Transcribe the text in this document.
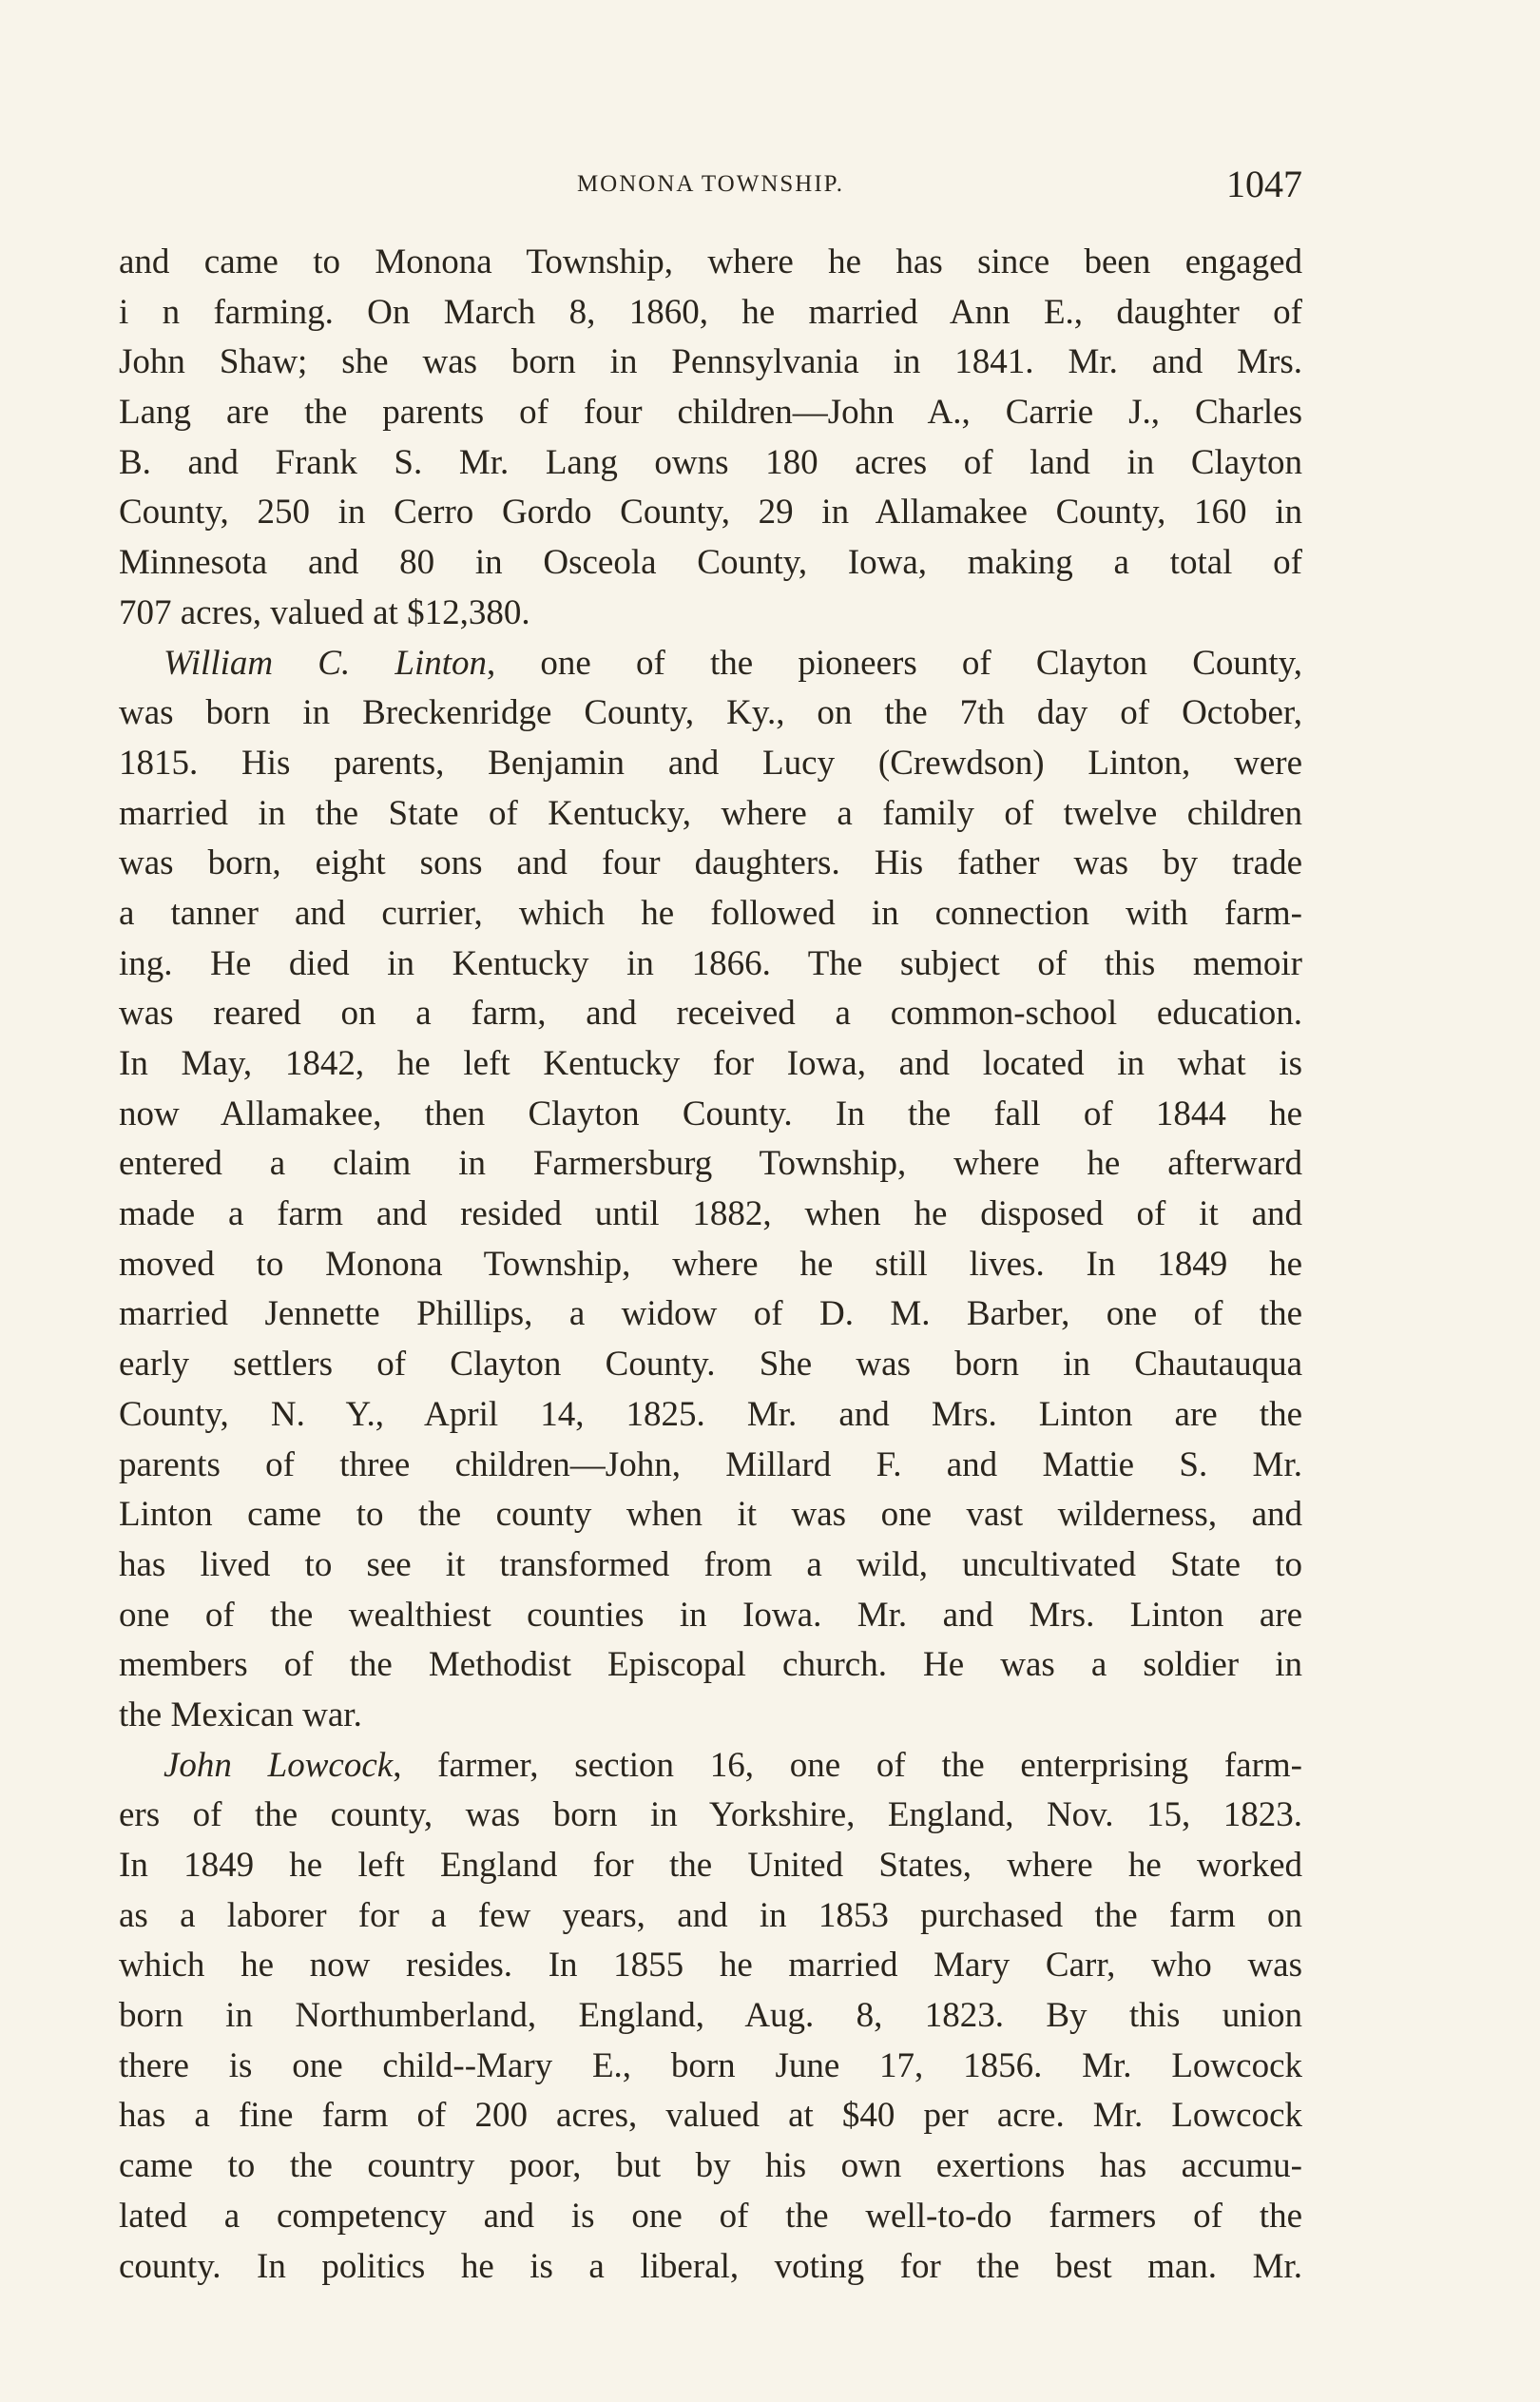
MONONA TOWNSHIP.	1047
and came to Monona Township, where he has since been engaged
i n farming. On March 8, 1860, he married Ann E., daughter of
John Shaw; she was born in Pennsylvania in 1841. Mr. and Mrs.
Lang are the parents of four children—John A., Carrie J., Charles
B. and Frank S. Mr. Lang owns 180 acres of land in Clayton
County, 250 in Cerro Gordo County, 29 in Allamakee County, 160 in
Minnesota and 80 in Osceola County, Iowa, making a total of
707 acres, valued at $12,380.
William C. Linton, one of the pioneers of Clayton County,
was born in Breckenridge County, Ky., on the 7th day of October,
1815. His parents, Benjamin and Lucy (Crewdson) Linton, were
married in the State of Kentucky, where a family of twelve children
was born, eight sons and four daughters. His father was by trade
a tanner and currier, which he followed in connection with farm-
ing. He died in Kentucky in 1866. The subject of this memoir
was reared on a farm, and received a common-school education.
In May, 1842, he left Kentucky for Iowa, and located in what is
now Allamakee, then Clayton County. In the fall of 1844 he
entered a claim in Farmersburg Township, where he afterward
made a farm and resided until 1882, when he disposed of it and
moved to Monona Township, where he still lives. In 1849 he
married Jennette Phillips, a widow of D. M. Barber, one of the
early settlers of Clayton County. She was born in Chautauqua
County, N. Y., April 14, 1825. Mr. and Mrs. Linton are the
parents of three children—John, Millard F. and Mattie S. Mr.
Linton came to the county when it was one vast wilderness, and
has lived to see it transformed from a wild, uncultivated State to
one of the wealthiest counties in Iowa. Mr. and Mrs. Linton are
members of the Methodist Episcopal church. He was a soldier in
the Mexican war.
John Lowcock, farmer, section 16, one of the enterprising farm-
ers of the county, was born in Yorkshire, England, Nov. 15, 1823.
In 1849 he left England for the United States, where he worked
as a laborer for a few years, and in 1853 purchased the farm on
which he now resides. In 1855 he married Mary Carr, who was
born in Northumberland, England, Aug. 8, 1823. By this union
there is one child--Mary E., born June 17, 1856. Mr. Lowcock
has a fine farm of 200 acres, valued at $40 per acre. Mr. Lowcock
came to the country poor, but by his own exertions has accumu-
lated a competency and is one of the well-to-do farmers of the
county. In politics he is a liberal, voting for the best man. Mr.
